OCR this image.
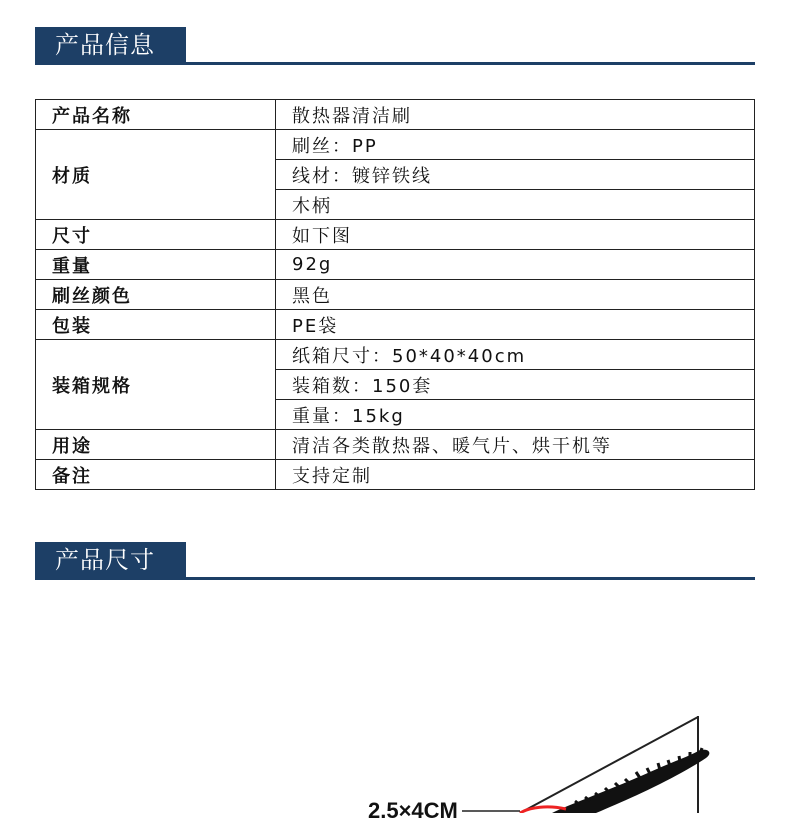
产品信息
产品名称	散热器清洁刷
材质	刷丝：PP
	线材：镀锌铁线
	木柄
尺寸	如下图
重量	92g
刷丝颜色	黑色
包装	PE袋
装箱规格	纸箱尺寸：50*40*40cm
	装箱数：150套
	重量：15kg
用途	清洁各类散热器、暖气片、烘干机等
备注	支持定制
产品尺寸
2.5×4CM
